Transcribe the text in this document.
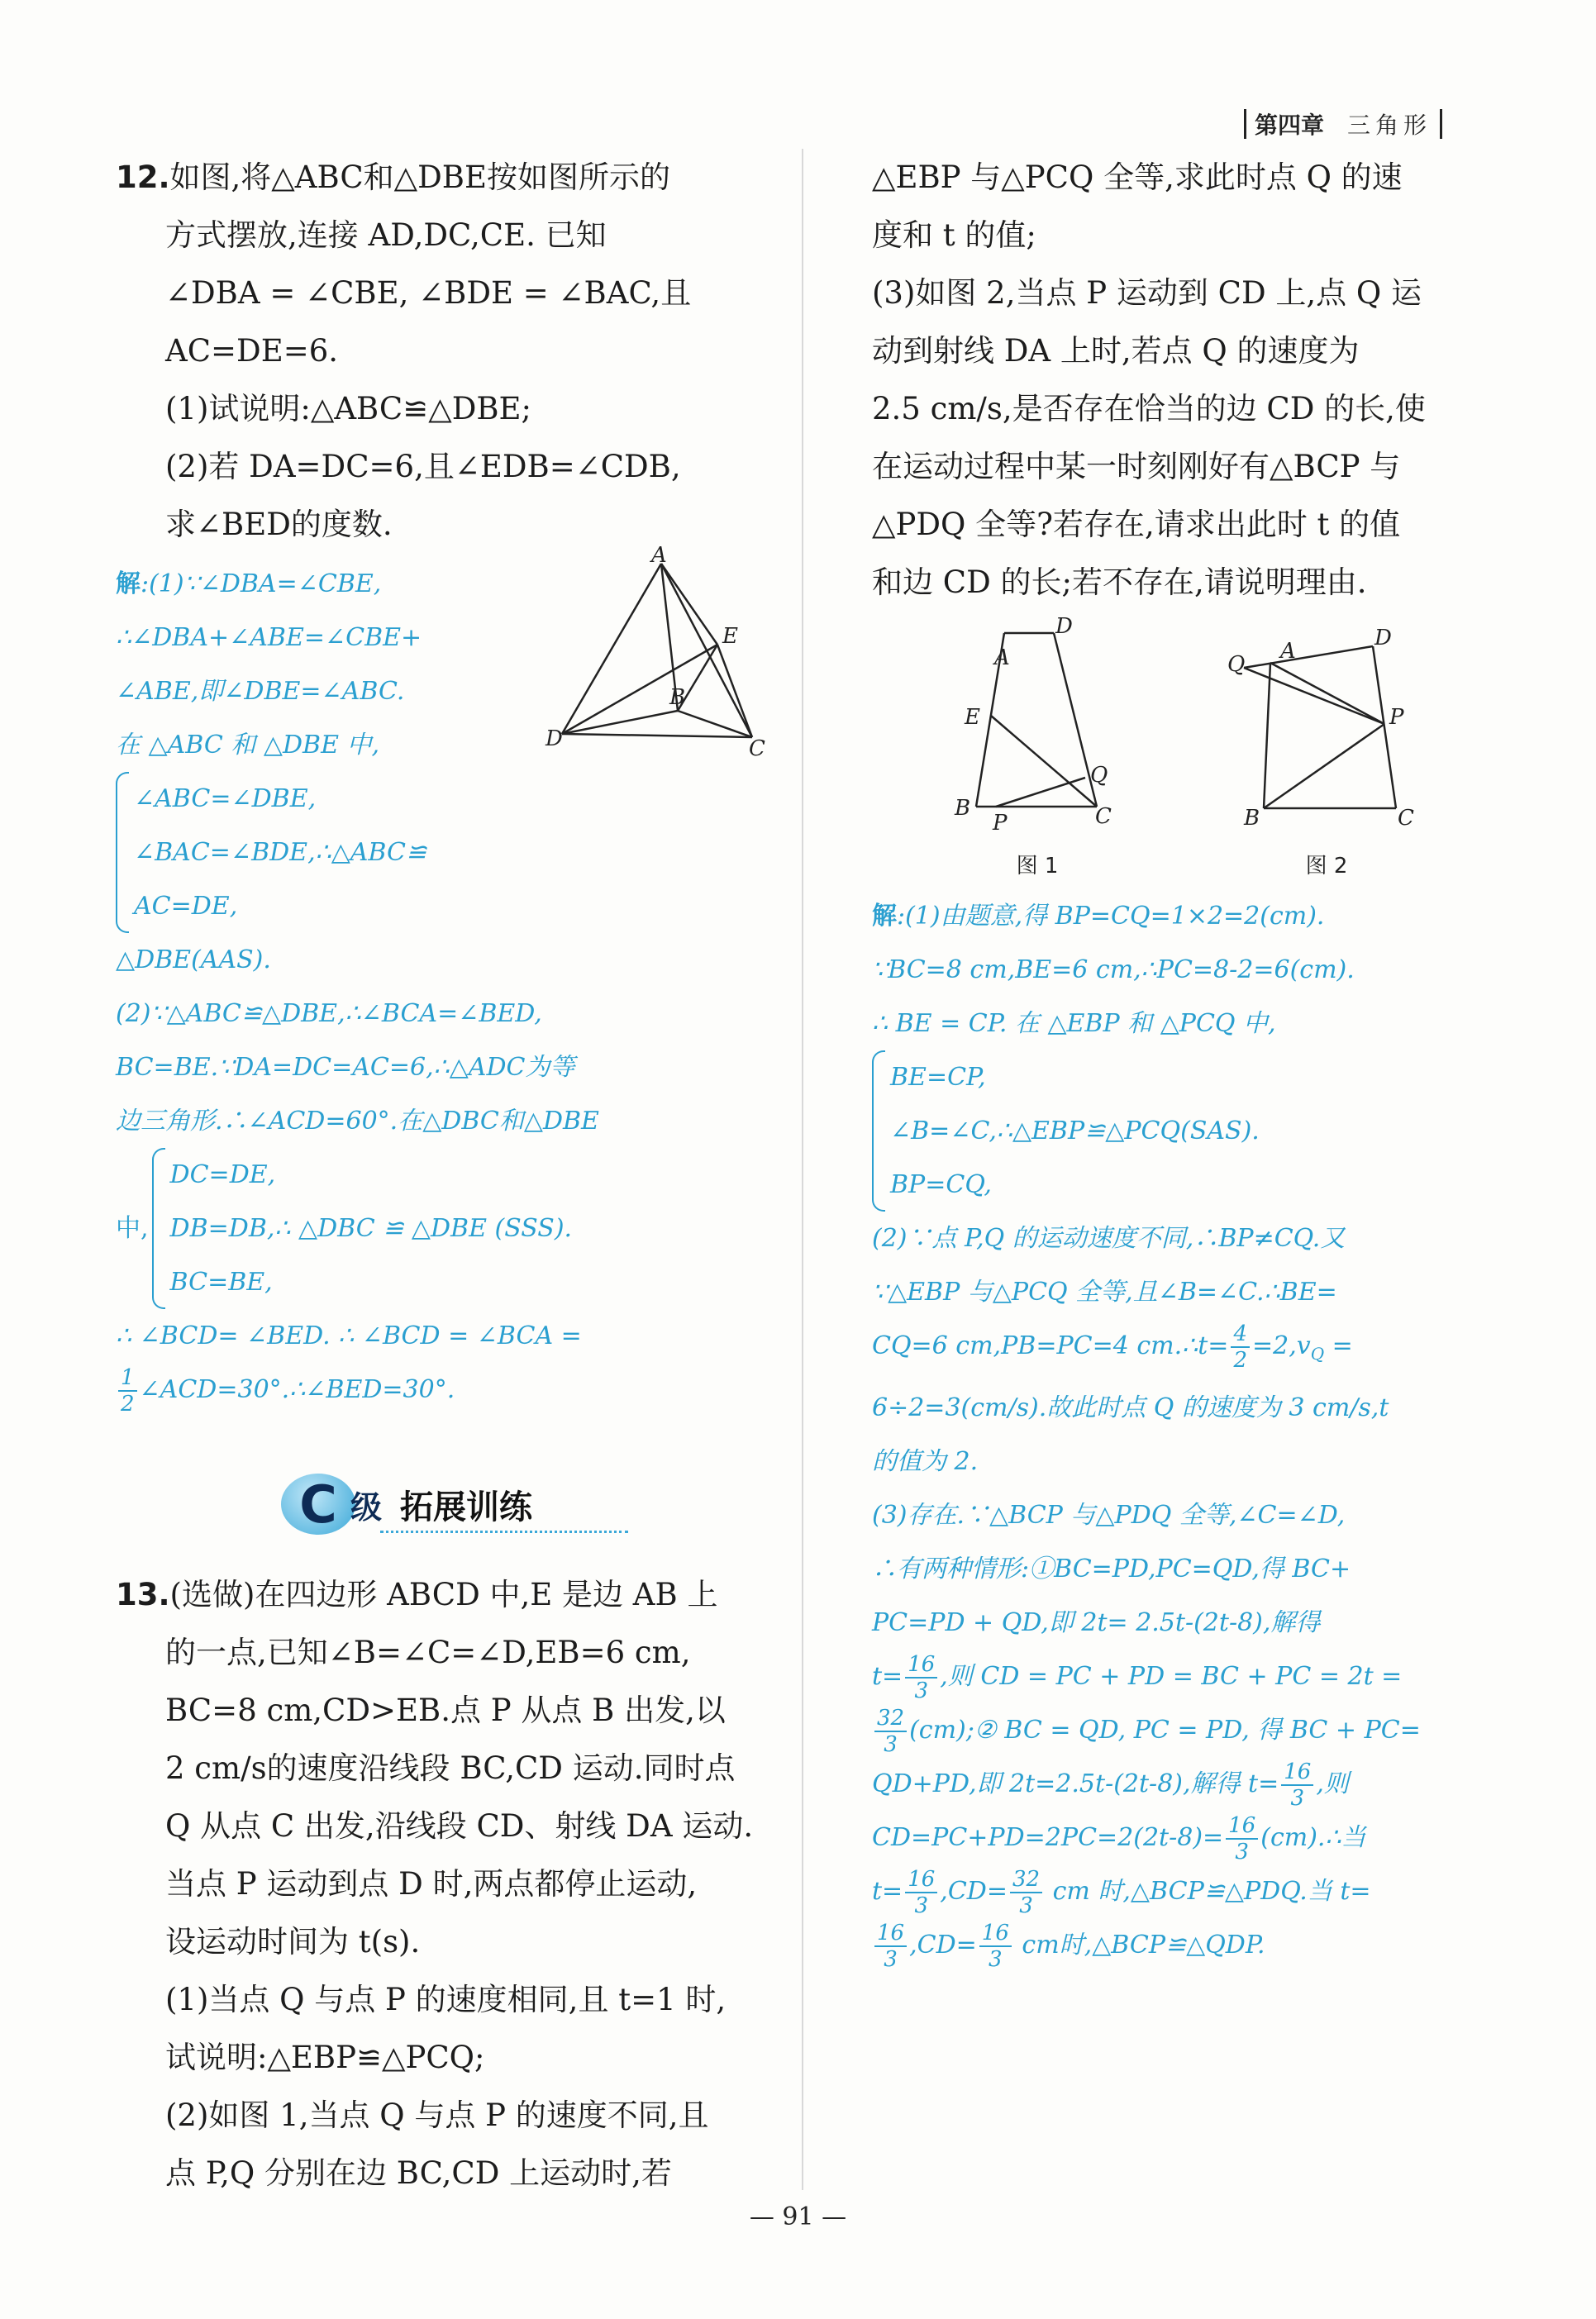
第四章 三角形

12.如图,将△ABC和△DBE按如图所示的

方式摆放,连接 AD,DC,CE. 已知

∠DBA = ∠CBE, ∠BDE = ∠BAC,且

AC=DE=6.

(1)试说明:△ABC≌△DBE;

(2)若 DA=DC=6,且∠EDB=∠CDB,

求∠BED的度数.

A
E
B
D	C

解:(1)∵∠DBA=∠CBE,

∴∠DBA+∠ABE=∠CBE+

∠ABE,即∠DBE=∠ABC.

在 △ABC 和 △DBE 中,

∠ABC=∠DBE,

∠BAC=∠BDE,∴△ABC≌

AC=DE,

△DBE(AAS).

(2)∵△ABC≌△DBE,∴∠BCA=∠BED,

BC=BE.∵DA=DC=AC=6,∴△ADC为等

边三角形.∴∠ACD=60°.在△DBC和△DBE

中,

DC=DE,

DB=DB,∴ △DBC ≌ △DBE (SSS).

BC=BE,

∴ ∠BCD= ∠BED. ∴ ∠BCD = ∠BCA =

$\frac{1}{2}$ ∠ACD=30°.∴∠BED=30°.

C 级 拓展训练

13.(选做)在四边形 ABCD 中,E 是边 AB 上

的一点,已知∠B=∠C=∠D,EB=6 cm,

BC=8 cm,CD>EB.点 P 从点 B 出发,以

2 cm/s的速度沿线段 BC,CD 运动.同时点

Q 从点 C 出发,沿线段 CD、射线 DA 运动.

当点 P 运动到点 D 时,两点都停止运动,

设运动时间为 t(s).

(1)当点 Q 与点 P 的速度相同,且 t=1 时,

试说明:△EBP≌△PCQ;

(2)如图 1,当点 Q 与点 P 的速度不同,且

点 P,Q 分别在边 BC,CD 上运动时,若

△EBP 与△PCQ 全等,求此时点 Q 的速

度和 t 的值;

(3)如图 2,当点 P 运动到 CD 上,点 Q 运

动到射线 DA 上时,若点 Q 的速度为

2.5 cm/s,是否存在恰当的边 CD 的长,使

在运动过程中某一时刻刚好有△BCP 与

△PDQ 全等?若存在,请求出此时 t 的值

和边 CD 的长;若不存在,请说明理由.

A
D
E
B
P	C
Q
图 1
Q
A
D
P
B	C
图 2

解:(1)由题意,得 BP=CQ=1×2=2(cm).

∵BC=8 cm,BE=6 cm,∴PC=8-2=6(cm).

∴ BE = CP. 在 △EBP 和 △PCQ 中,

BE=CP,

∠B=∠C,∴△EBP≌△PCQ(SAS).

BP=CQ,

(2)∵点 P,Q 的运动速度不同,∴BP≠CQ.又

∵△EBP 与△PCQ 全等,且∠B=∠C.∴BE=

CQ=6 cm,PB=PC=4 cm.∴t= $\frac{4}{2} =2,v_Q$ =

6÷2=3(cm/s).故此时点 Q 的速度为 3 cm/s,t

的值为 2.

(3)存在.∵△BCP 与△PDQ 全等,∠C=∠D,

∴有两种情形:①BC=PD,PC=QD,得 BC+

PC=PD + QD,即 2t= 2.5t-(2t-8),解得

$t= \frac{16}{3}$ ,则 CD = PC + PD = BC + PC = 2t =

$\frac{32}{3}$ (cm);② BC = QD, PC = PD, 得 BC + PC=

QD+PD,即 2t=2.5t-(2t-8),解得 $t= \frac{16}{3}$ ,则

$CD=PC+PD=2PC=2(2t-8)= \frac{16}{3}$ (cm).∴当

$t= \frac{16}{3} ,CD= \frac{32}{3}$ cm 时,△BCP≌△PDQ.当 t=

$\frac{16}{3} ,CD= \frac{16}{3}$ cm时,△BCP≌△QDP.

— 91 —
